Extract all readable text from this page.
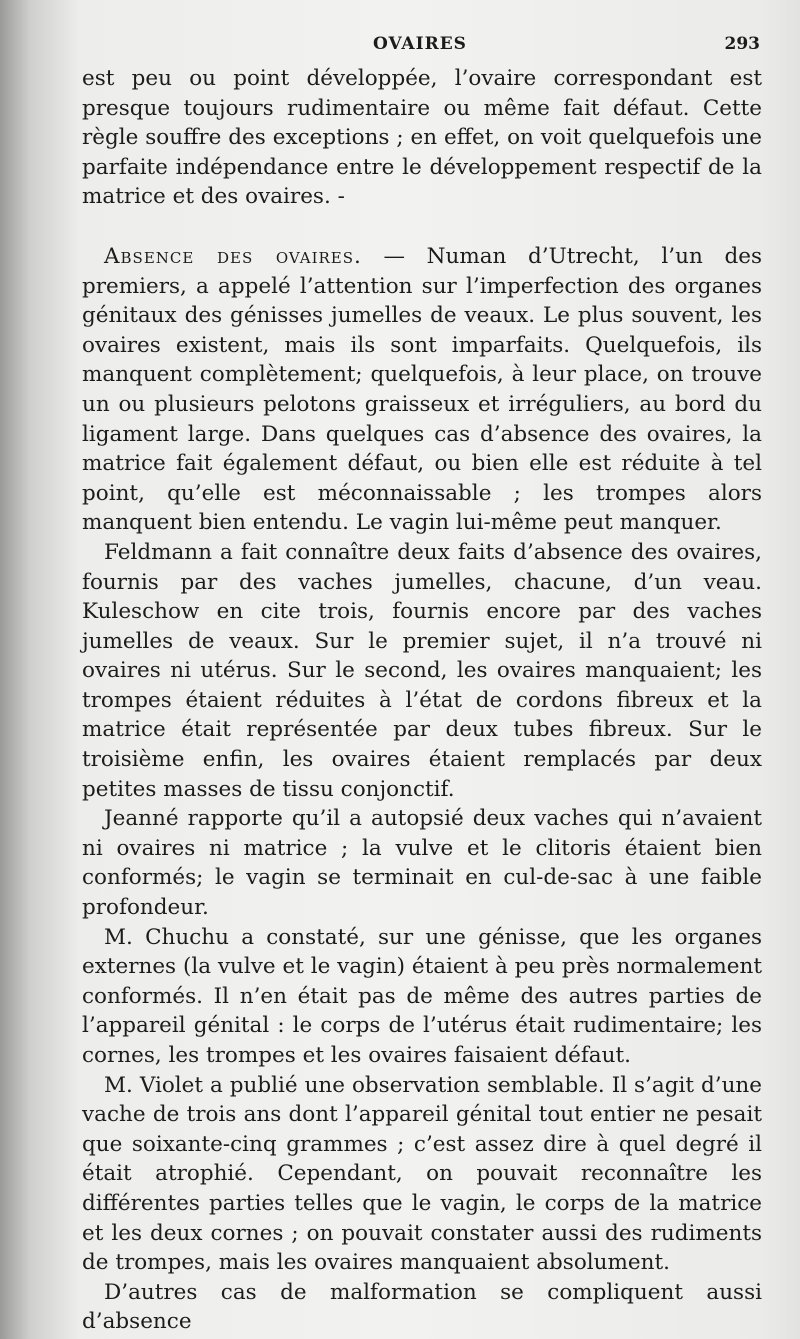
OVAIRES	293

est peu ou point développée, l’ovaire correspondant est presque toujours rudimentaire ou même fait défaut. Cette règle souffre des exceptions ; en effet, on voit quelquefois une parfaite indépendance entre le développement respectif de la matrice et des ovaires. -

Absence des ovaires. — Numan d’Utrecht, l’un des premiers, a appelé l’attention sur l’imperfection des organes génitaux des génisses jumelles de veaux. Le plus souvent, les ovaires existent, mais ils sont imparfaits. Quelquefois, ils manquent complètement; quelquefois, à leur place, on trouve un ou plusieurs pelotons graisseux et irréguliers, au bord du ligament large. Dans quelques cas d’absence des ovaires, la matrice fait également défaut, ou bien elle est réduite à tel point, qu’elle est méconnaissable ; les trompes alors manquent bien entendu. Le vagin lui-même peut manquer.

Feldmann a fait connaître deux faits d’absence des ovaires, fournis par des vaches jumelles, chacune, d’un veau. Kuleschow en cite trois, fournis encore par des vaches jumelles de veaux. Sur le premier sujet, il n’a trouvé ni ovaires ni utérus. Sur le second, les ovaires manquaient; les trompes étaient réduites à l’état de cordons fibreux et la matrice était représentée par deux tubes fibreux. Sur le troisième enfin, les ovaires étaient remplacés par deux petites masses de tissu conjonctif.

Jeanné rapporte qu’il a autopsié deux vaches qui n’avaient ni ovaires ni matrice ; la vulve et le clitoris étaient bien conformés; le vagin se terminait en cul-de-sac à une faible profondeur.

M. Chuchu a constaté, sur une génisse, que les organes externes (la vulve et le vagin) étaient à peu près normalement conformés. Il n’en était pas de même des autres parties de l’appareil génital : le corps de l’utérus était rudimentaire; les cornes, les trompes et les ovaires faisaient défaut.

M. Violet a publié une observation semblable. Il s’agit d’une vache de trois ans dont l’appareil génital tout entier ne pesait que soixante-cinq grammes ; c’est assez dire à quel degré il était atrophié. Cependant, on pouvait reconnaître les différentes parties telles que le vagin, le corps de la matrice et les deux cornes ; on pouvait constater aussi des rudiments de trompes, mais les ovaires manquaient absolument.

D’autres cas de malformation se compliquent aussi d’absence
